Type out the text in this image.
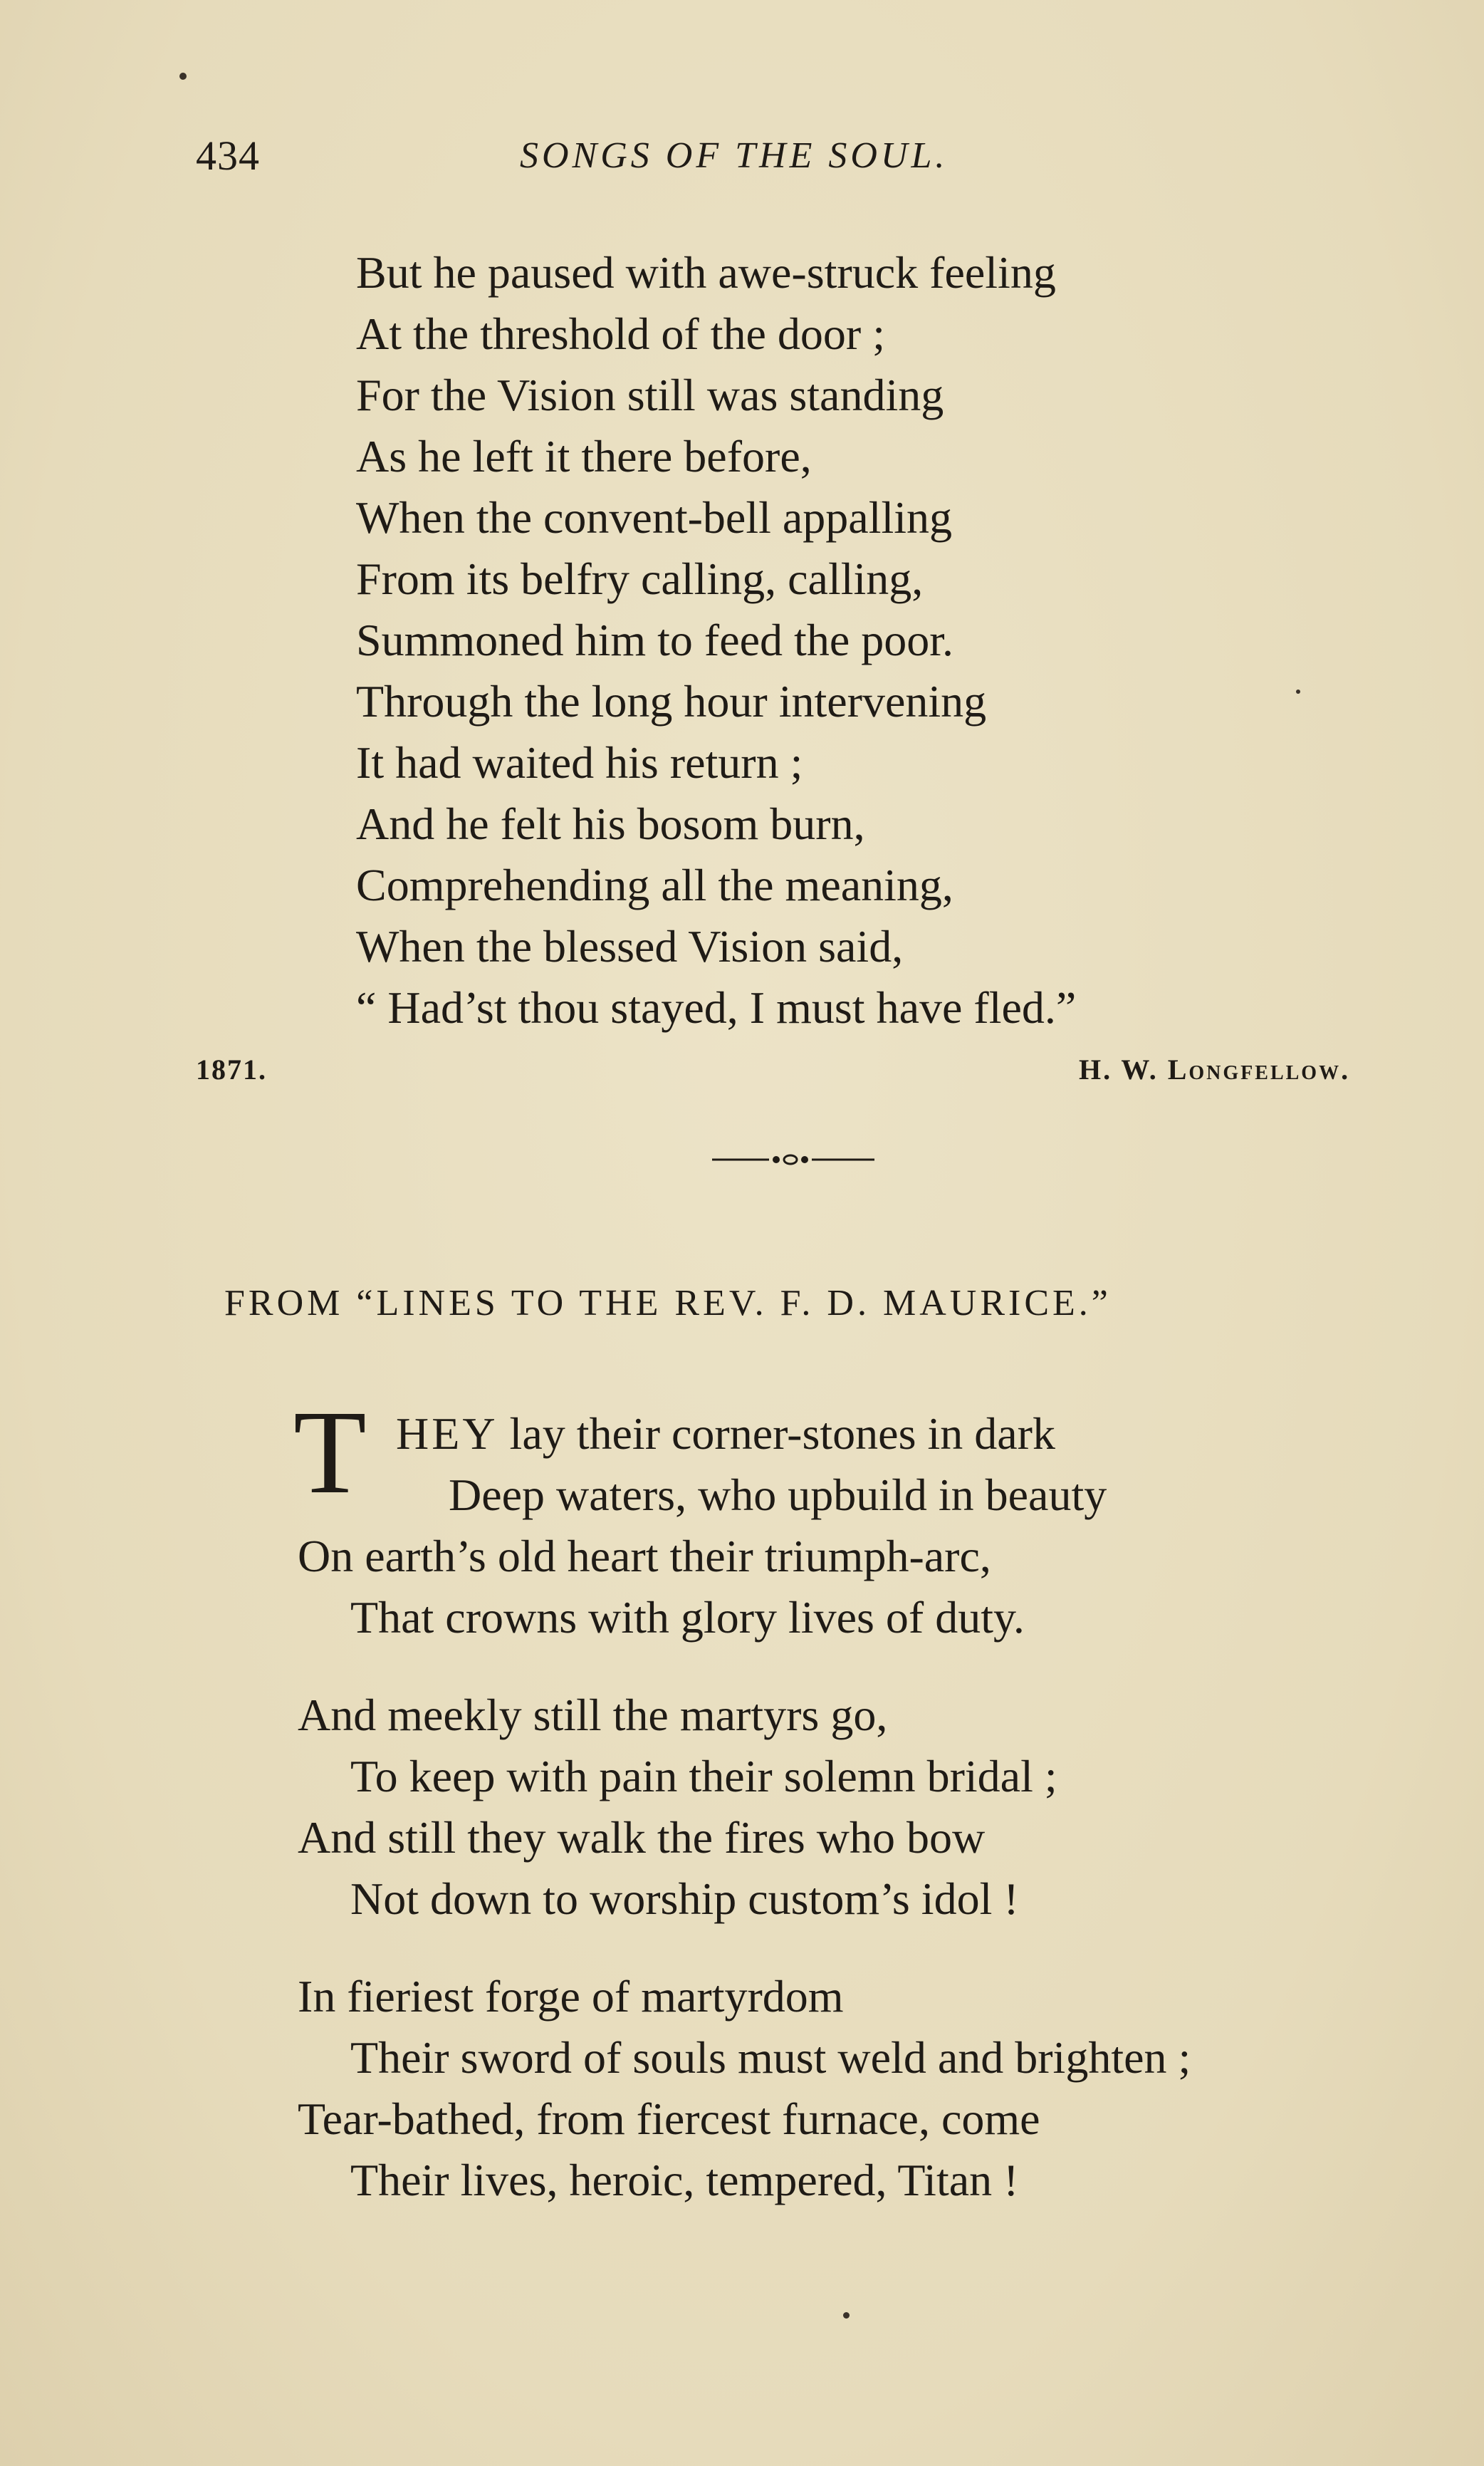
434	SONGS OF THE SOUL.
But he paused with awe-struck feeling
At the threshold of the door ;
For the Vision still was standing
As he left it there before,
When the convent-bell appalling
From its belfry calling, calling,
Summoned him to feed the poor.
Through the long hour intervening
It had waited his return ;
And he felt his bosom burn,
Comprehending all the meaning,
When the blessed Vision said,
“ Had’st thou stayed, I must have fled.”
1871.	H. W. Longfellow.
FROM “LINES TO THE REV. F. D. MAURICE.”
T HEY lay their corner-stones in dark
Deep waters, who upbuild in beauty
On earth’s old heart their triumph-arc,
That crowns with glory lives of duty.
And meekly still the martyrs go,
To keep with pain their solemn bridal ;
And still they walk the fires who bow
Not down to worship custom’s idol !
In fieriest forge of martyrdom
Their sword of souls must weld and brighten ;
Tear-bathed, from fiercest furnace, come
Their lives, heroic, tempered, Titan !
